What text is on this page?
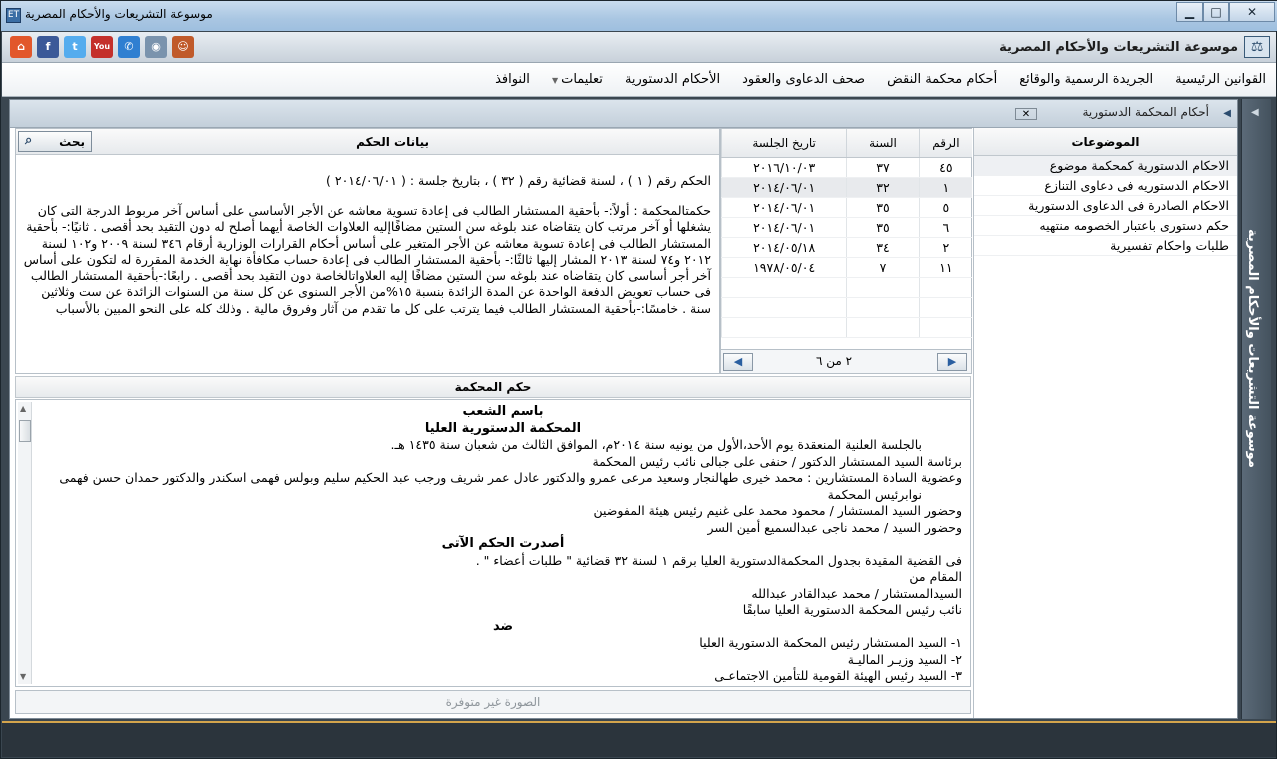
ET موسوعة التشريعات والأحكام المصرية	▁	□	✕
⌂	f	t	You	✆	◉	☺	موسوعة التشريعات والأحكام المصرية ⚖
القوانين الرئيسية
الجريدة الرسمية والوقائع
أحكام محكمة النقض
صحف الدعاوى والعقود
الأحكام الدستورية
تعليمات▼
النوافذ
◀
أحكام المحكمة الدستورية
✕
الموضوعات
الاحكام الدستورية كمحكمة موضوع
الاحكام الدستوريه فى دعاوى التنازع
الاحكام الصادرة فى الدعاوى الدستورية
حكم دستورى باعتبار الخصومه منتهيه
طلبات واحكام تفسيرية
الرقم	السنة	تاريخ الجلسة
٤٥	٣٧	٢٠١٦/١٠/٠٣
١	٣٢	٢٠١٤/٠٦/٠١
٥	٣٥	٢٠١٤/٠٦/٠١
٦	٣٥	٢٠١٤/٠٦/٠١
٢	٣٤	٢٠١٤/٠٥/١٨
١١	٧	١٩٧٨/٠٥/٠٤

◀	٢ من ٦	▶
بيانات الحكم
بحث
⌕
الحكم رقم ( ١ ) ، لسنة قضائية رقم ( ٣٢ ) ، بتاريخ جلسة : ( ٢٠١٤/٠٦/٠١ )
حكمتالمحكمة : أولاً:- بأحقية المستشار الطالب فى إعادة تسوية معاشه عن الأجر الأساسى على أساس آخر مربوط الدرجة التى كان يشغلها أو آخر مرتب كان يتقاضاه عند بلوغه سن الستين مضافًاإليه العلاوات الخاصة أيهما أصلح له دون التقيد بحد أقصى . ثانيًا:- بأحقية المستشار الطالب فى إعادة تسوية معاشه عن الأجر المتغير على أساس أحكام القرارات الوزارية أرقام ٣٤٦ لسنة ٢٠٠٩ و١٠٢ لسنة ٢٠١٢ و٧٤ لسنة ٢٠١٣ المشار إليها ثالثًا:- بأحقية المستشار الطالب فى إعادة حساب مكافأة نهاية الخدمة المقررة له لتكون على أساس آخر أجر أساسى كان يتقاضاه عند بلوغه سن الستين مضافًا إليه العلاواتالخاصة دون التقيد بحد أقصى . رابعًا:-بأحقية المستشار الطالب فى حساب تعويض الدفعة الواحدة عن المدة الزائدة بنسبة ١٥%من الأجر السنوى عن كل سنة من السنوات الزائدة عن ست وثلاثين سنة . خامسًا:-بأحقية المستشار الطالب فيما يترتب على كل ما تقدم من آثار وفروق مالية . وذلك كله على النحو المبين بالأسباب
حكم المحكمة
▲
▼

باسم الشعب

المحكمة الدستورية العليا

بالجلسة العلنية المنعقدة يوم الأحد،الأول من يونيه سنة ٢٠١٤م، الموافق الثالث من شعبان سنة ١٤٣٥ هـ.

برئاسة السيد المستشار الدكتور / حنفى على جبالى نائب رئيس المحكمة

وعضوية السادة المستشارين : محمد خيرى طهالنجار وسعيد مرعى عمرو والدكتور عادل عمر شريف ورجب عبد الحكيم سليم وبولس فهمى اسكندر والدكتور حمدان حسن فهمى

نوابرئيس المحكمة

وحضور السيد المستشار / محمود محمد على غنيم رئيس هيئة المفوضين

وحضور السيد / محمد ناجى عبدالسميع أمين السر

أصدرت الحكم الآتى

فى القضية المقيدة بجدول المحكمةالدستورية العليا برقم ١ لسنة ٣٢ قضائية " طلبات أعضاء " .

المقام من

السيدالمستشار / محمد عبدالقادر عبدالله

نائب رئيس المحكمة الدستورية العليا سابقًا

ضد

١- السيد المستشار رئيس المحكمة الدستورية العليا

٢- السيد وزيـر الماليـة

٣- السيد رئيس الهيئة القومية للتأمين الاجتماعـى

الصورة غير متوفرة
◀
موسوعة التشريعات والأحكام المصرية
